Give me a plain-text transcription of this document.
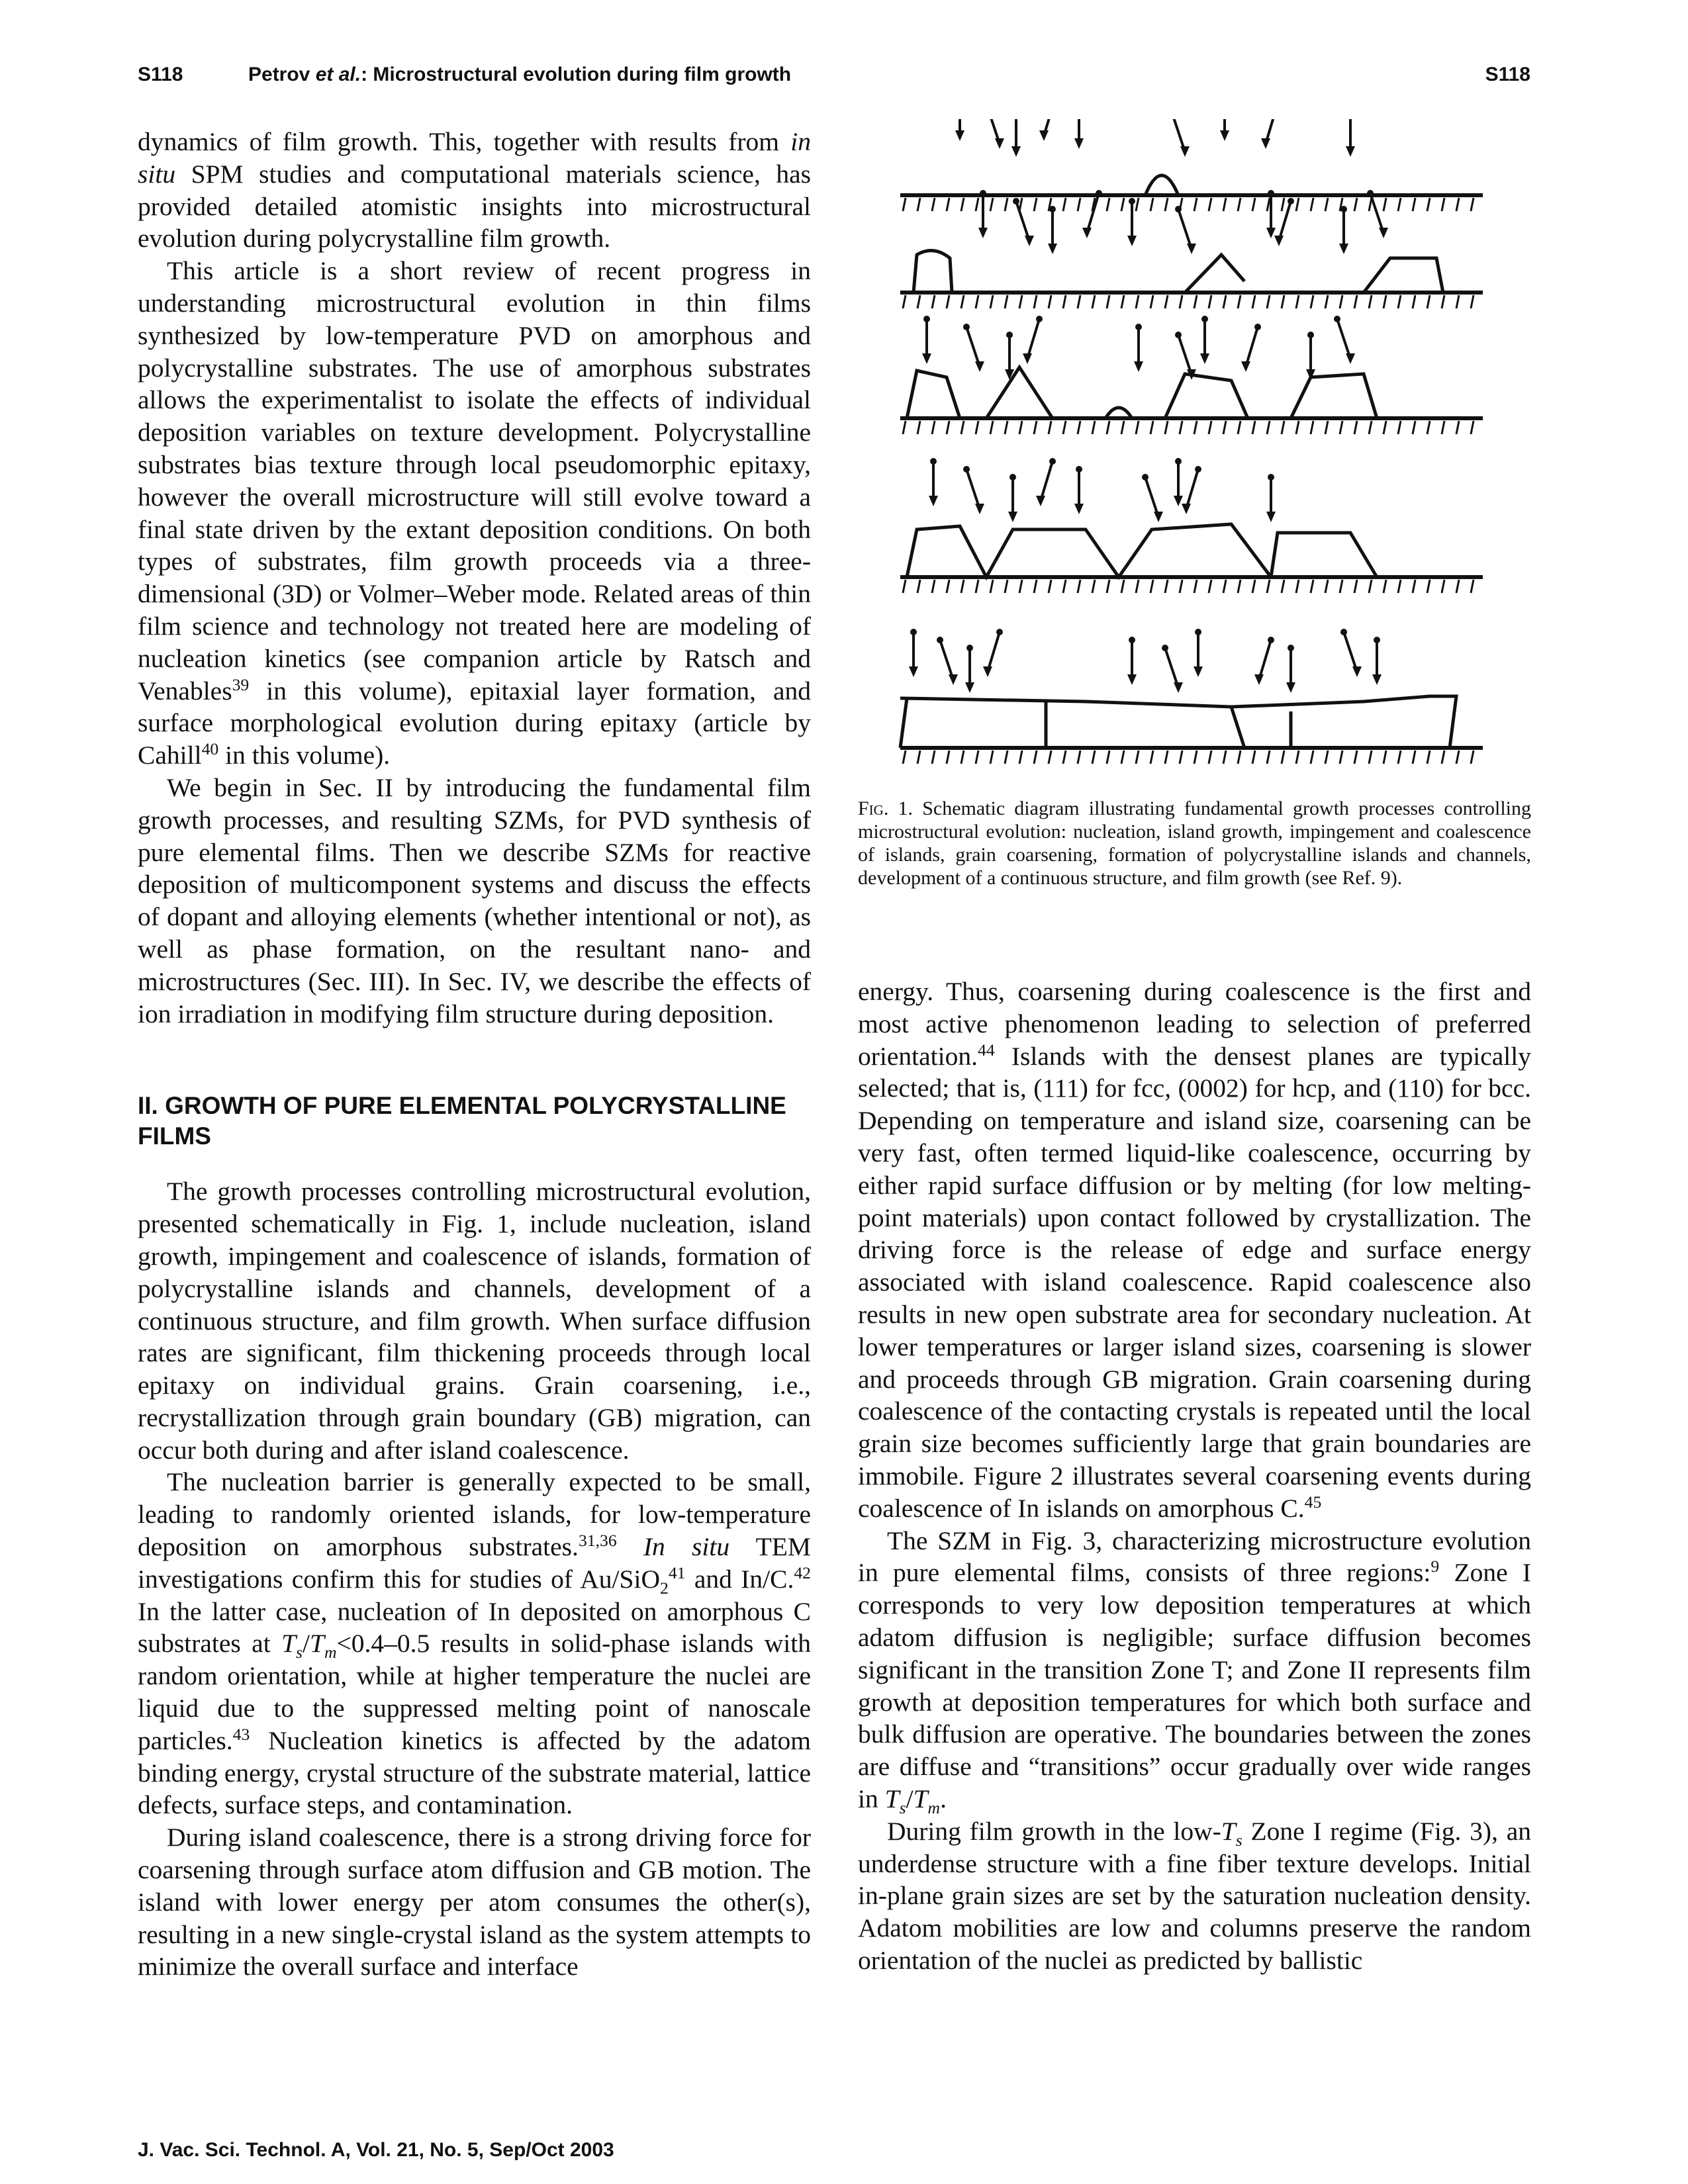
S118	Petrov et al.: Microstructural evolution during film growth	S118

dynamics of film growth. This, together with results from in situ SPM studies and computational materials science, has provided detailed atomistic insights into microstructural evolution during polycrystalline film growth.

This article is a short review of recent progress in understanding microstructural evolution in thin films synthesized by low-temperature PVD on amorphous and polycrystalline substrates. The use of amorphous substrates allows the experimentalist to isolate the effects of individual deposition variables on texture development. Polycrystalline substrates bias texture through local pseudomorphic epitaxy, however the overall microstructure will still evolve toward a final state driven by the extant deposition conditions. On both types of substrates, film growth proceeds via a three-dimensional (3D) or Volmer–Weber mode. Related areas of thin film science and technology not treated here are modeling of nucleation kinetics (see companion article by Ratsch and Venables$^{39}$ in this volume), epitaxial layer formation, and surface morphological evolution during epitaxy (article by Cahill$^{40}$ in this volume).

We begin in Sec. II by introducing the fundamental film growth processes, and resulting SZMs, for PVD synthesis of pure elemental films. Then we describe SZMs for reactive deposition of multicomponent systems and discuss the effects of dopant and alloying elements (whether intentional or not), as well as phase formation, on the resultant nano- and microstructures (Sec. III). In Sec. IV, we describe the effects of ion irradiation in modifying film structure during deposition.

II. GROWTH OF PURE ELEMENTAL POLYCRYSTALLINE FILMS

The growth processes controlling microstructural evolution, presented schematically in Fig. 1, include nucleation, island growth, impingement and coalescence of islands, formation of polycrystalline islands and channels, development of a continuous structure, and film growth. When surface diffusion rates are significant, film thickening proceeds through local epitaxy on individual grains. Grain coarsening, i.e., recrystallization through grain boundary (GB) migration, can occur both during and after island coalescence.

The nucleation barrier is generally expected to be small, leading to randomly oriented islands, for low-temperature deposition on amorphous substrates.$^{31,36}$ In situ TEM investigations confirm this for studies of Au/SiO$_2^{41}$ and In/C.$^{42}$ In the latter case, nucleation of In deposited on amorphous C substrates at $T_s/T_m<0.4-0.5$ results in solid-phase islands with random orientation, while at higher temperature the nuclei are liquid due to the suppressed melting point of nanoscale particles.$^{43}$ Nucleation kinetics is affected by the adatom binding energy, crystal structure of the substrate material, lattice defects, surface steps, and contamination.

During island coalescence, there is a strong driving force for coarsening through surface atom diffusion and GB motion. The island with lower energy per atom consumes the other(s), resulting in a new single-crystal island as the system attempts to minimize the overall surface and interface

Fig. 1. Schematic diagram illustrating fundamental growth processes controlling microstructural evolution: nucleation, island growth, impingement and coalescence of islands, grain coarsening, formation of polycrystalline islands and channels, development of a continuous structure, and film growth (see Ref. 9).

energy. Thus, coarsening during coalescence is the first and most active phenomenon leading to selection of preferred orientation.$^{44}$ Islands with the densest planes are typically selected; that is, (111) for fcc, (0002) for hcp, and (110) for bcc. Depending on temperature and island size, coarsening can be very fast, often termed liquid-like coalescence, occurring by either rapid surface diffusion or by melting (for low melting-point materials) upon contact followed by crystallization. The driving force is the release of edge and surface energy associated with island coalescence. Rapid coalescence also results in new open substrate area for secondary nucleation. At lower temperatures or larger island sizes, coarsening is slower and proceeds through GB migration. Grain coarsening during coalescence of the contacting crystals is repeated until the local grain size becomes sufficiently large that grain boundaries are immobile. Figure 2 illustrates several coarsening events during coalescence of In islands on amorphous C.$^{45}$

The SZM in Fig. 3, characterizing microstructure evolution in pure elemental films, consists of three regions:$^9$ Zone I corresponds to very low deposition temperatures at which adatom diffusion is negligible; surface diffusion becomes significant in the transition Zone T; and Zone II represents film growth at deposition temperatures for which both surface and bulk diffusion are operative. The boundaries between the zones are diffuse and “transitions” occur gradually over wide ranges in $T_s/T_m$.

During film growth in the low-$T_s$ Zone I regime (Fig. 3), an underdense structure with a fine fiber texture develops. Initial in-plane grain sizes are set by the saturation nucleation density. Adatom mobilities are low and columns preserve the random orientation of the nuclei as predicted by ballistic

J. Vac. Sci. Technol. A, Vol. 21, No. 5, Sep/Oct 2003
